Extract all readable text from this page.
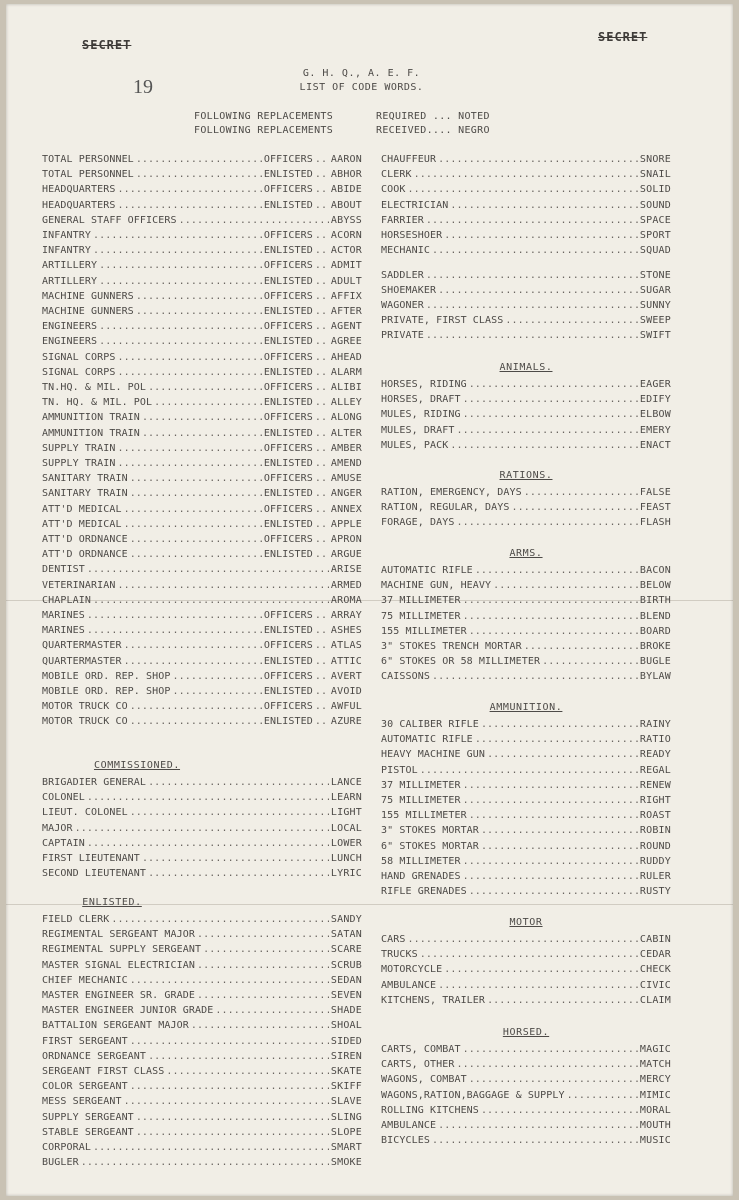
SECRET
SECRET
19
G. H. Q., A. E. F.
LIST OF CODE WORDS.
FOLLOWING REPLACEMENTS	REQUIRED ... NOTED
FOLLOWING REPLACEMENTS	RECEIVED.... NEGRO
TOTAL PERSONNEL .....	OFFICERS ..... AARON
TOTAL PERSONNEL .....	ENLISTED ..... ABHOR
HEADQUARTERS .....	OFFICERS ..... ABIDE
HEADQUARTERS .....	ENLISTED ..... ABOUT
GENERAL STAFF OFFICERS .....	ABYSS
INFANTRY .....	OFFICERS ..... ACORN
INFANTRY .....	ENLISTED ..... ACTOR
ARTILLERY .....	OFFICERS ..... ADMIT
ARTILLERY .....	ENLISTED ..... ADULT
MACHINE GUNNERS .....	OFFICERS ..... AFFIX
MACHINE GUNNERS .....	ENLISTED ..... AFTER
ENGINEERS .....	OFFICERS ..... AGENT
ENGINEERS .....	ENLISTED ..... AGREE
SIGNAL CORPS .....	OFFICERS ..... AHEAD
SIGNAL CORPS .....	ENLISTED ..... ALARM
TN.HQ. & MIL. POL .....	OFFICERS ..... ALIBI
TN. HQ. & MIL. POL .....	ENLISTED ..... ALLEY
AMMUNITION TRAIN .....	OFFICERS ..... ALONG
AMMUNITION TRAIN .....	ENLISTED ..... ALTER
SUPPLY TRAIN .....	OFFICERS ..... AMBER
SUPPLY TRAIN .....	ENLISTED ..... AMEND
SANITARY TRAIN .....	OFFICERS ..... AMUSE
SANITARY TRAIN .....	ENLISTED ..... ANGER
ATT'D MEDICAL .....	OFFICERS ..... ANNEX
ATT'D MEDICAL .....	ENLISTED ..... APPLE
ATT'D ORDNANCE .....	OFFICERS ..... APRON
ATT'D ORDNANCE .....	ENLISTED ..... ARGUE
DENTIST .....	ARISE
VETERINARIAN .....	ARMED
CHAPLAIN .....	AROMA
MARINES .....	OFFICERS ..... ARRAY
MARINES .....	ENLISTED ..... ASHES
QUARTERMASTER .....	OFFICERS ..... ATLAS
QUARTERMASTER .....	ENLISTED ..... ATTIC
MOBILE ORD. REP. SHOP .....	OFFICERS ..... AVERT
MOBILE ORD. REP. SHOP .....	ENLISTED ..... AVOID
MOTOR TRUCK CO .....	OFFICERS ..... AWFUL
MOTOR TRUCK CO .....	ENLISTED ..... AZURE
COMMISSIONED.
BRIGADIER GENERAL .....	LANCE
COLONEL .....	LEARN
LIEUT. COLONEL .....	LIGHT
MAJOR .....	LOCAL
CAPTAIN .....	LOWER
FIRST LIEUTENANT .....	LUNCH
SECOND LIEUTENANT .....	LYRIC
ENLISTED.
FIELD CLERK .....	SANDY
REGIMENTAL SERGEANT MAJOR .....	SATAN
REGIMENTAL SUPPLY SERGEANT .....	SCARE
MASTER SIGNAL ELECTRICIAN .....	SCRUB
CHIEF MECHANIC .....	SEDAN
MASTER ENGINEER SR. GRADE .....	SEVEN
MASTER ENGINEER JUNIOR GRADE .....	SHADE
BATTALION SERGEANT MAJOR .....	SHOAL
FIRST SERGEANT .....	SIDED
ORDNANCE SERGEANT .....	SIREN
SERGEANT FIRST CLASS .....	SKATE
COLOR SERGEANT .....	SKIFF
MESS SERGEANT .....	SLAVE
SUPPLY SERGEANT .....	SLING
STABLE SERGEANT .....	SLOPE
CORPORAL .....	SMART
BUGLER .....	SMOKE
CHAUFFEUR .....	SNORE
CLERK .....	SNAIL
COOK .....	SOLID
ELECTRICIAN .....	SOUND
FARRIER .....	SPACE
HORSESHOER .....	SPORT
MECHANIC .....	SQUAD
SADDLER .....	STONE
SHOEMAKER .....	SUGAR
WAGONER .....	SUNNY
PRIVATE, FIRST CLASS .....	SWEEP
PRIVATE .....	SWIFT
ANIMALS.
HORSES, RIDING .....	EAGER
HORSES, DRAFT .....	EDIFY
MULES, RIDING .....	ELBOW
MULES, DRAFT .....	EMERY
MULES, PACK .....	ENACT
RATIONS.
RATION, EMERGENCY, DAYS .....	FALSE
RATION, REGULAR, DAYS .....	FEAST
FORAGE, DAYS .....	FLASH
ARMS.
AUTOMATIC RIFLE .....	BACON
MACHINE GUN, HEAVY .....	BELOW
37 MILLIMETER .....	BIRTH
75 MILLIMETER .....	BLEND
155 MILLIMETER .....	BOARD
3" STOKES TRENCH MORTAR .....	BROKE
6" STOKES OR 58 MILLIMETER .....	BUGLE
CAISSONS .....	BYLAW
AMMUNITION.
30 CALIBER RIFLE .....	RAINY
AUTOMATIC RIFLE .....	RATIO
HEAVY MACHINE GUN .....	READY
PISTOL .....	REGAL
37 MILLIMETER .....	RENEW
75 MILLIMETER .....	RIGHT
155 MILLIMETER .....	ROAST
3" STOKES MORTAR .....	ROBIN
6" STOKES MORTAR .....	ROUND
58 MILLIMETER .....	RUDDY
HAND GRENADES .....	RULER
RIFLE GRENADES .....	RUSTY
MOTOR
CARS .....	CABIN
TRUCKS .....	CEDAR
MOTORCYCLE .....	CHECK
AMBULANCE .....	CIVIC
KITCHENS, TRAILER .....	CLAIM
HORSED.
CARTS, COMBAT .....	MAGIC
CARTS, OTHER .....	MATCH
WAGONS, COMBAT .....	MERCY
WAGONS,RATION,BAGGAGE & SUPPLY .....	MIMIC
ROLLING KITCHENS .....	MORAL
AMBULANCE .....	MOUTH
BICYCLES .....	MUSIC
